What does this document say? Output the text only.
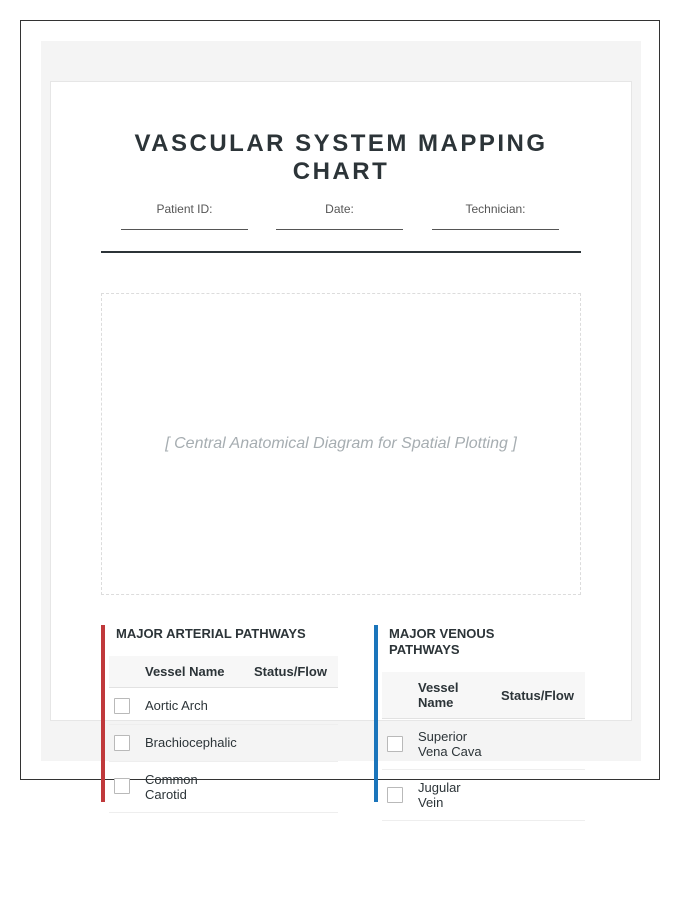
VASCULAR SYSTEM MAPPING CHART
Patient ID:	Date:	Technician:
[ Central Anatomical Diagram for Spatial Plotting ]
MAJOR ARTERIAL PATHWAYS
Vessel Name Status/Flow
Aortic Arch
Brachiocephalic
Common Carotid
MAJOR VENOUS PATHWAYS
Vessel Name	Status/Flow
Superior Vena Cava
Jugular Vein
